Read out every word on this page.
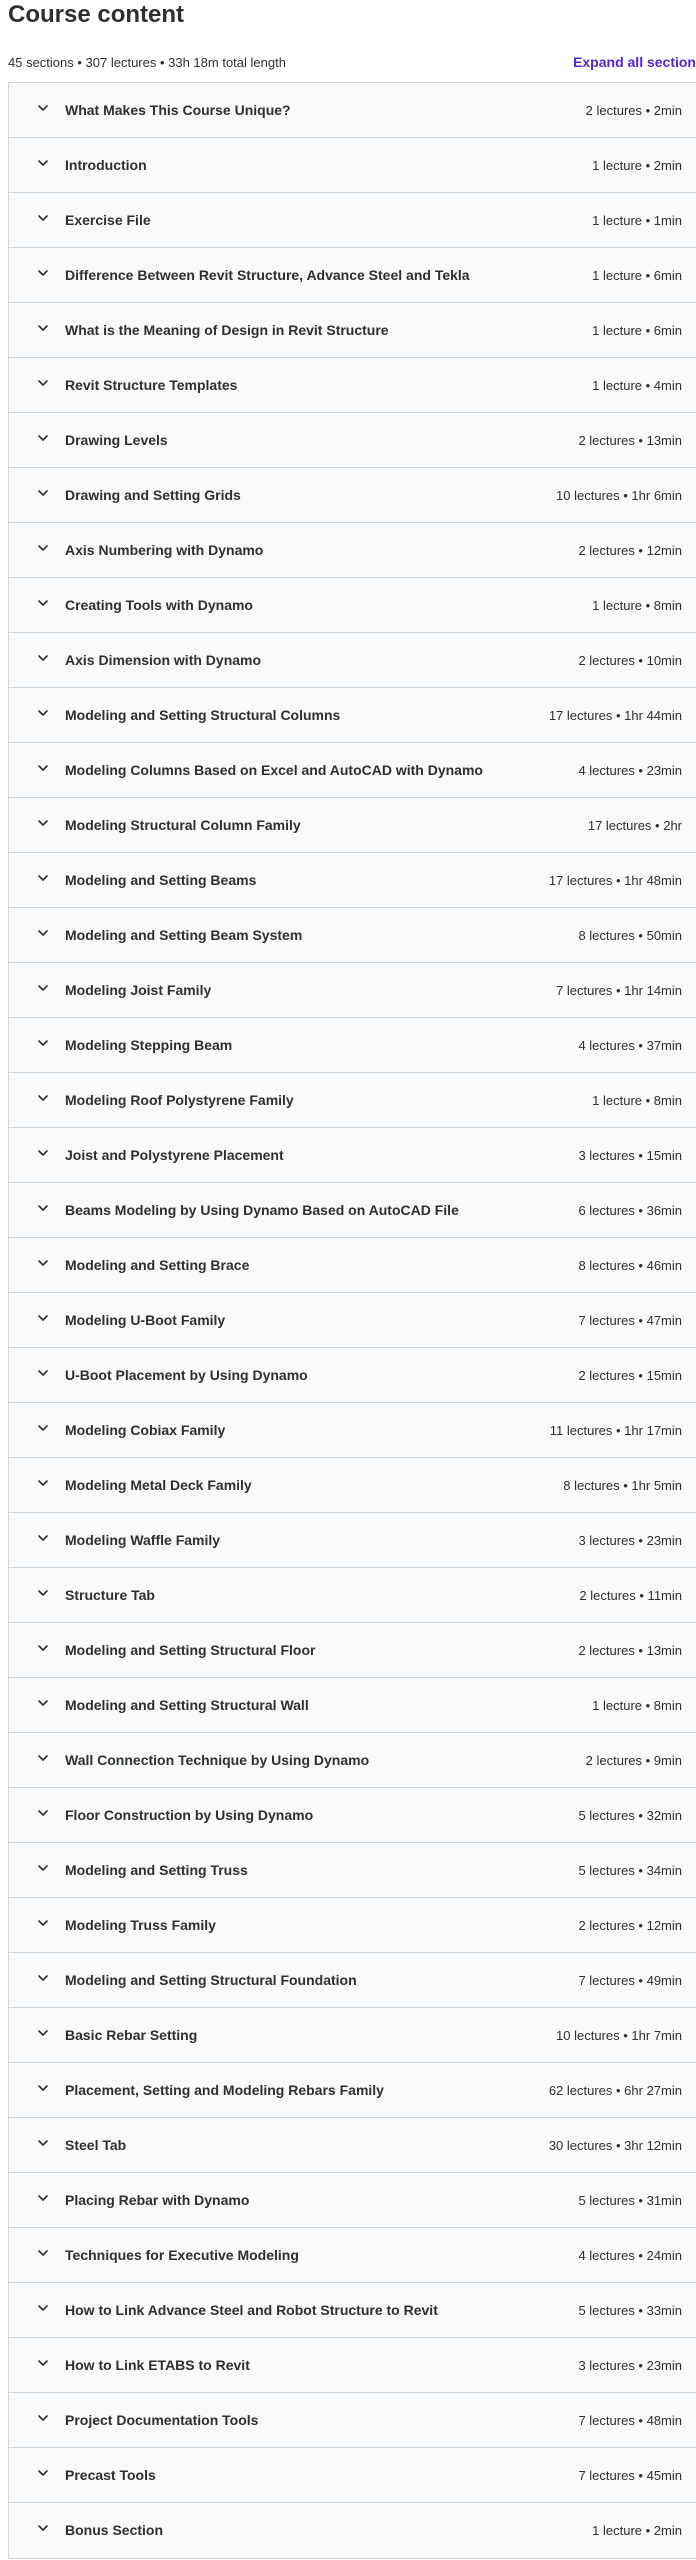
Course content
45 sections • 307 lectures • 33h 18m total length	Expand all section
What Makes This Course Unique?	2 lectures • 2min
Introduction	1 lecture • 2min
Exercise File	1 lecture • 1min
Difference Between Revit Structure, Advance Steel and Tekla	1 lecture • 6min
What is the Meaning of Design in Revit Structure	1 lecture • 6min
Revit Structure Templates	1 lecture • 4min
Drawing Levels	2 lectures • 13min
Drawing and Setting Grids	10 lectures • 1hr 6min
Axis Numbering with Dynamo	2 lectures • 12min
Creating Tools with Dynamo	1 lecture • 8min
Axis Dimension with Dynamo	2 lectures • 10min
Modeling and Setting Structural Columns	17 lectures • 1hr 44min
Modeling Columns Based on Excel and AutoCAD with Dynamo	4 lectures • 23min
Modeling Structural Column Family	17 lectures • 2hr
Modeling and Setting Beams	17 lectures • 1hr 48min
Modeling and Setting Beam System	8 lectures • 50min
Modeling Joist Family	7 lectures • 1hr 14min
Modeling Stepping Beam	4 lectures • 37min
Modeling Roof Polystyrene Family	1 lecture • 8min
Joist and Polystyrene Placement	3 lectures • 15min
Beams Modeling by Using Dynamo Based on AutoCAD File	6 lectures • 36min
Modeling and Setting Brace	8 lectures • 46min
Modeling U-Boot Family	7 lectures • 47min
U-Boot Placement by Using Dynamo	2 lectures • 15min
Modeling Cobiax Family	11 lectures • 1hr 17min
Modeling Metal Deck Family	8 lectures • 1hr 5min
Modeling Waffle Family	3 lectures • 23min
Structure Tab	2 lectures • 11min
Modeling and Setting Structural Floor	2 lectures • 13min
Modeling and Setting Structural Wall	1 lecture • 8min
Wall Connection Technique by Using Dynamo	2 lectures • 9min
Floor Construction by Using Dynamo	5 lectures • 32min
Modeling and Setting Truss	5 lectures • 34min
Modeling Truss Family	2 lectures • 12min
Modeling and Setting Structural Foundation	7 lectures • 49min
Basic Rebar Setting	10 lectures • 1hr 7min
Placement, Setting and Modeling Rebars Family	62 lectures • 6hr 27min
Steel Tab	30 lectures • 3hr 12min
Placing Rebar with Dynamo	5 lectures • 31min
Techniques for Executive Modeling	4 lectures • 24min
How to Link Advance Steel and Robot Structure to Revit	5 lectures • 33min
How to Link ETABS to Revit	3 lectures • 23min
Project Documentation Tools	7 lectures • 48min
Precast Tools	7 lectures • 45min
Bonus Section	1 lecture • 2min
